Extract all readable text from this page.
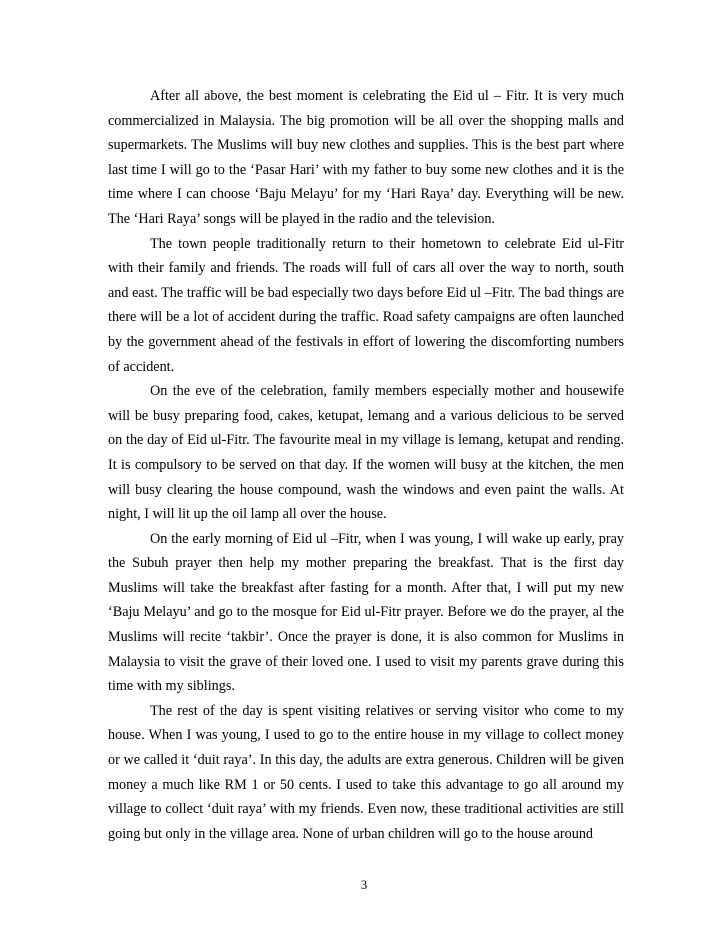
After all above, the best moment is celebrating the Eid ul – Fitr. It is very much commercialized in Malaysia. The big promotion will be all over the shopping malls and supermarkets. The Muslims will buy new clothes and supplies. This is the best part where last time I will go to the ‘Pasar Hari’ with my father to buy some new clothes and it is the time where I can choose ‘Baju Melayu’ for my ‘Hari Raya’ day. Everything will be new. The ‘Hari Raya’ songs will be played in the radio and the television.

The town people traditionally return to their hometown to celebrate Eid ul-Fitr with their family and friends. The roads will full of cars all over the way to north, south and east. The traffic will be bad especially two days before Eid ul –Fitr. The bad things are there will be a lot of accident during the traffic. Road safety campaigns are often launched by the government ahead of the festivals in effort of lowering the discomforting numbers of accident.

On the eve of the celebration, family members especially mother and housewife will be busy preparing food, cakes, ketupat, lemang and a various delicious to be served on the day of Eid ul-Fitr. The favourite meal in my village is lemang, ketupat and rending. It is compulsory to be served on that day. If the women will busy at the kitchen, the men will busy clearing the house compound, wash the windows and even paint the walls. At night, I will lit up the oil lamp all over the house.

On the early morning of Eid ul –Fitr, when I was young, I will wake up early, pray the Subuh prayer then help my mother preparing the breakfast. That is the first day Muslims will take the breakfast after fasting for a month. After that, I will put my new ‘Baju Melayu’ and go to the mosque for Eid ul-Fitr prayer. Before we do the prayer, al the Muslims will recite ‘takbir’. Once the prayer is done, it is also common for Muslims in Malaysia to visit the grave of their loved one. I used to visit my parents grave during this time with my siblings.

The rest of the day is spent visiting relatives or serving visitor who come to my house. When I was young, I used to go to the entire house in my village to collect money or we called it ‘duit raya’. In this day, the adults are extra generous. Children will be given money a much like RM 1 or 50 cents. I used to take this advantage to go all around my village to collect ‘duit raya’ with my friends. Even now, these traditional activities are still going but only in the village area. None of urban children will go to the house around

3
